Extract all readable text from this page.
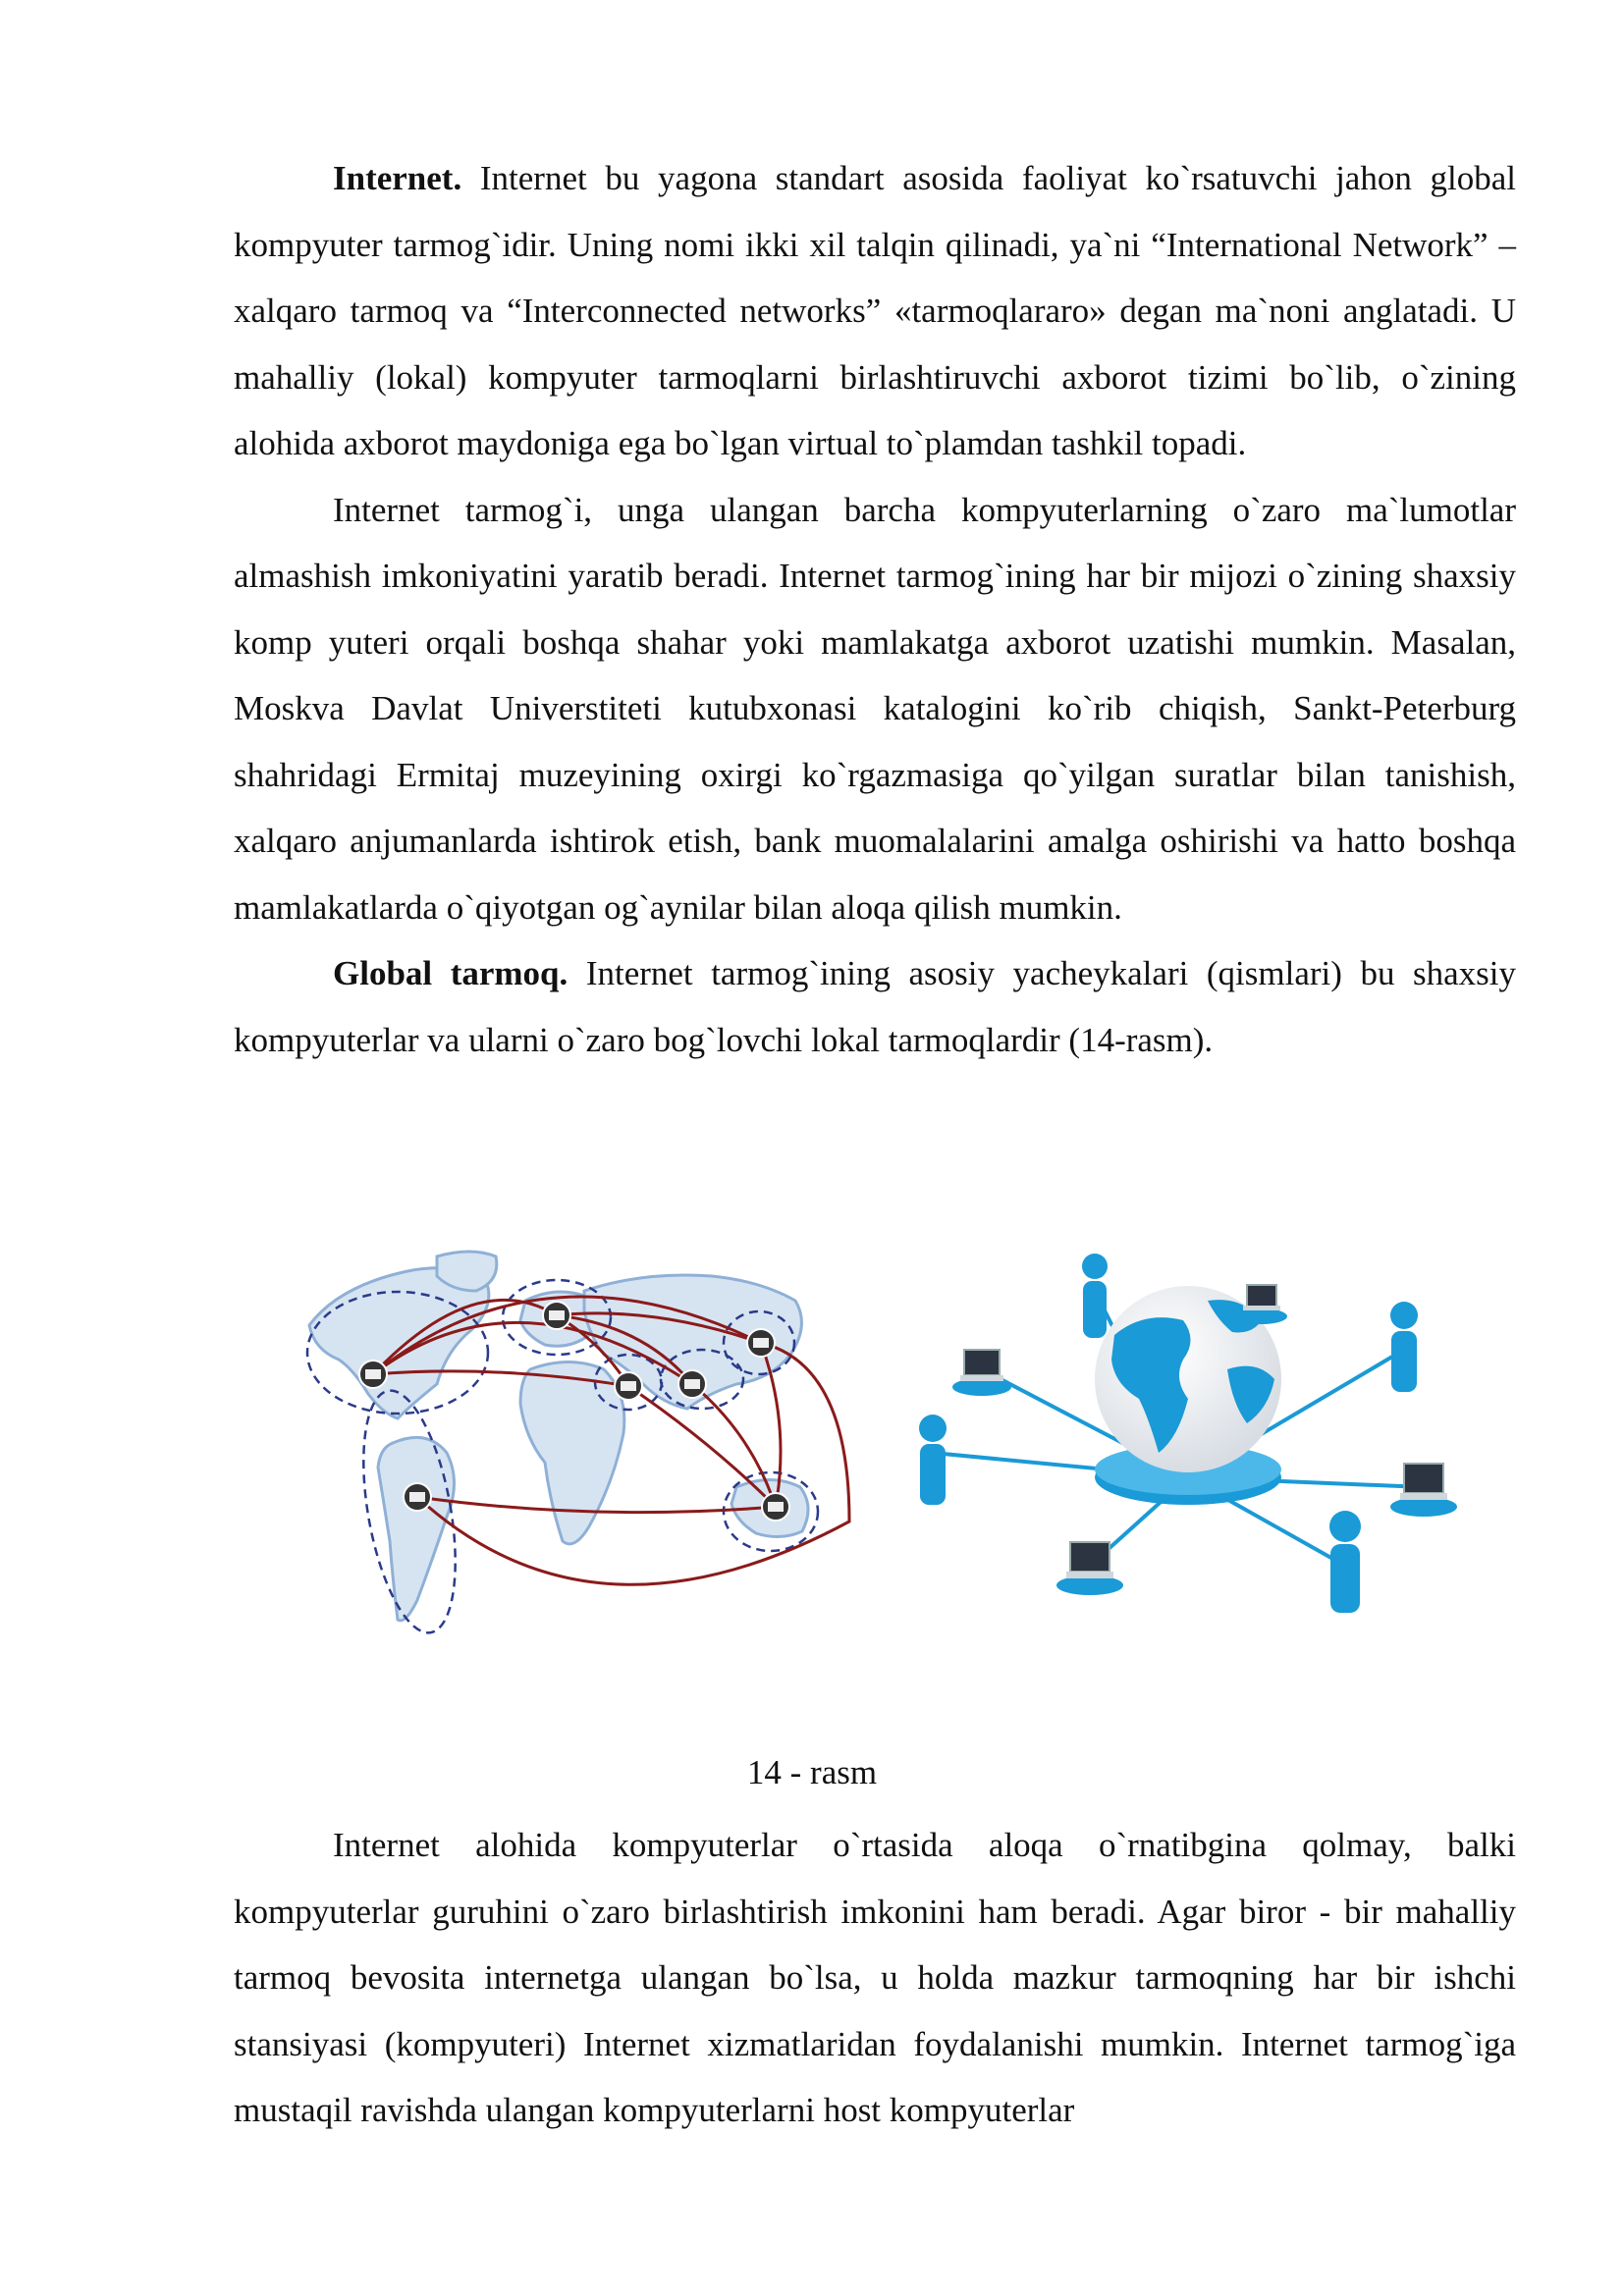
Internet. Internet bu yagona standart asosida faoliyat ko`rsatuvchi jahon global kompyuter tarmog`idir. Uning nomi ikki xil talqin qilinadi, ya`ni “International Network” – xalqaro tarmoq va “Interconnected networks” «tarmoqlararo» degan ma`noni anglatadi. U mahalliy (lokal) kompyuter tarmoqlarni birlashtiruvchi axborot tizimi bo`lib, o`zining alohida axborot maydoniga ega bo`lgan virtual to`plamdan tashkil topadi.

Internet tarmog`i, unga ulangan barcha kompyuterlarning o`zaro ma`lumotlar almashish imkoniyatini yaratib beradi. Internet tarmog`ining har bir mijozi o`zining shaxsiy komp yuteri orqali boshqa shahar yoki mamlakatga axborot uzatishi mumkin. Masalan, Moskva Davlat Universtiteti kutubxonasi katalogini ko`rib chiqish, Sankt-Peterburg shahridagi Ermitaj muzeyining oxirgi ko`rgazmasiga qo`yilgan suratlar bilan tanishish, xalqaro anjumanlarda ishtirok etish, bank muomalalarini amalga oshirishi va hatto boshqa mamlakatlarda o`qiyotgan og`aynilar bilan aloqa qilish mumkin.

Global tarmoq. Internet tarmog`ining asosiy yacheykalari (qismlari) bu shaxsiy kompyuterlar va ularni o`zaro bog`lovchi lokal tarmoqlardir (14-rasm).

14 - rasm

Internet alohida kompyuterlar o`rtasida aloqa o`rnatibgina qolmay, balki kompyuterlar guruhini o`zaro birlashtirish imkonini ham beradi. Agar biror - bir mahalliy tarmoq bevosita internetga ulangan bo`lsa, u holda mazkur tarmoqning har bir ishchi stansiyasi (kompyuteri) Internet xizmatlaridan foydalanishi mumkin. Internet tarmog`iga mustaqil ravishda ulangan kompyuterlarni host kompyuterlar
